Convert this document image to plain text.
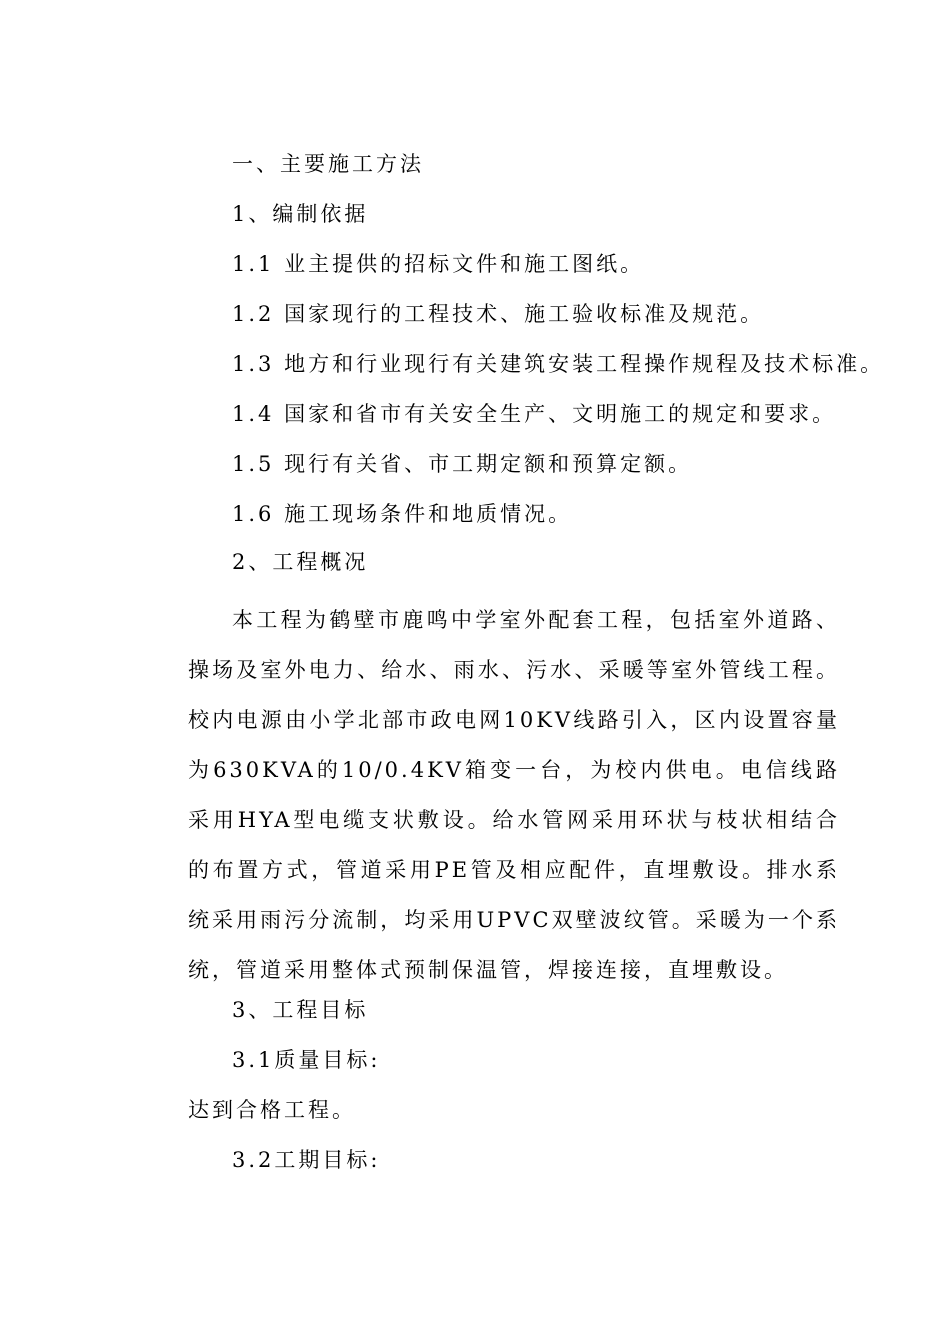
一、主要施工方法
1、编制依据
1.1 业主提供的招标文件和施工图纸。
1.2 国家现行的工程技术、施工验收标准及规范。
1.3 地方和行业现行有关建筑安装工程操作规程及技术标准。
1.4 国家和省市有关安全生产、文明施工的规定和要求。
1.5 现行有关省、市工期定额和预算定额。
1.6 施工现场条件和地质情况。
2、工程概况
本工程为鹤壁市鹿鸣中学室外配套工程，包括室外道路、操场及室外电力、给水、雨水、污水、采暖等室外管线工程。校内电源由小学北部市政电网10KV线路引入，区内设置容量为630KVA的10/0.4KV箱变一台，为校内供电。电信线路采用HYA型电缆支状敷设。给水管网采用环状与枝状相结合的布置方式，管道采用PE管及相应配件，直埋敷设。排水系统采用雨污分流制，均采用UPVC双壁波纹管。采暖为一个系统，管道采用整体式预制保温管，焊接连接，直埋敷设。
3、工程目标
3.1质量目标:
达到合格工程。
3.2工期目标:
